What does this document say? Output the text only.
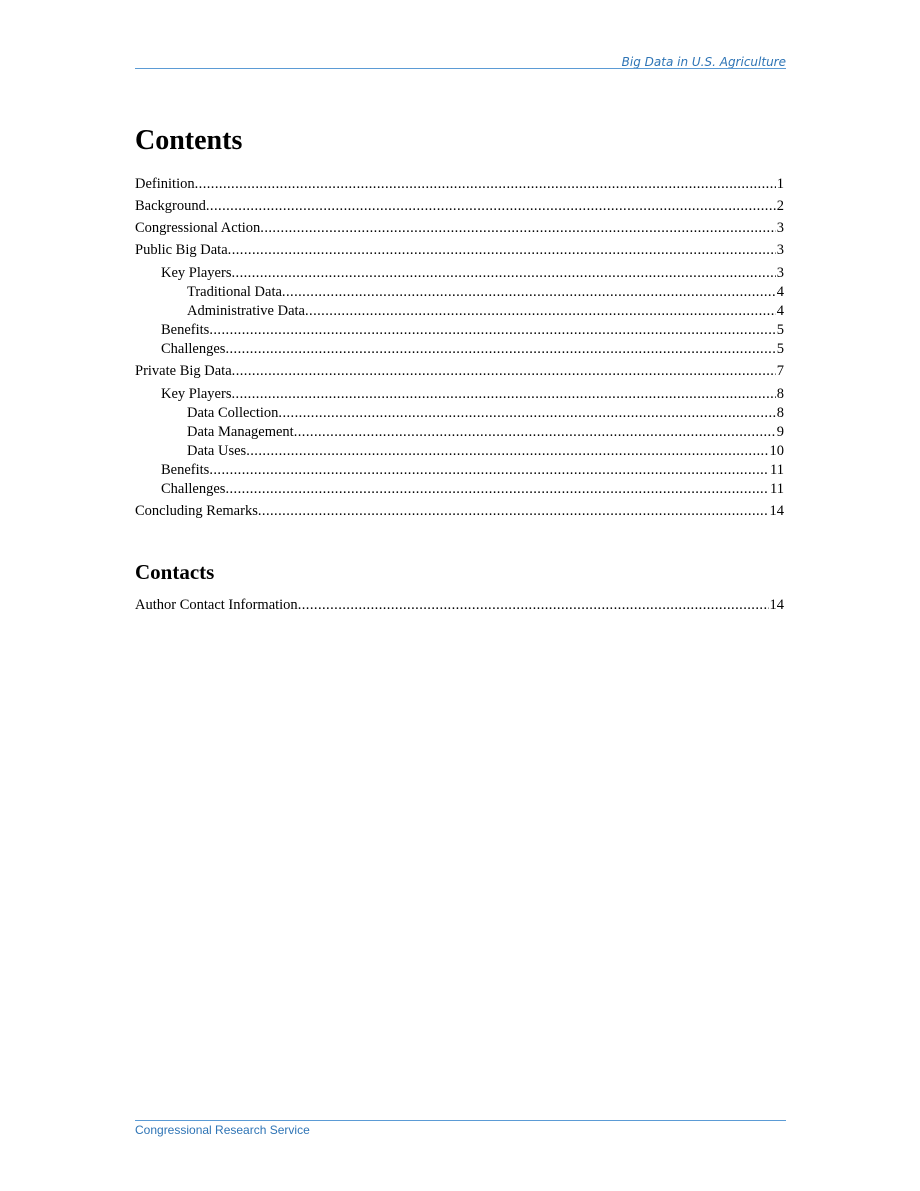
Big Data in U.S. Agriculture
Contents
Definition . . .	1
Background . . .	2
Congressional Action . . .	3
Public Big Data . . .	3
Key Players . . .	3
Traditional Data . . .	4
Administrative Data . . .	4
Benefits . . .	5
Challenges . . .	5
Private Big Data . . .	7
Key Players . . .	8
Data Collection . . .	8
Data Management . . .	9
Data Uses . . .	10
Benefits . . .	11
Challenges . . .	11
Concluding Remarks . . .	14
Author Contact Information . . .	14
Contacts
Congressional Research Service
